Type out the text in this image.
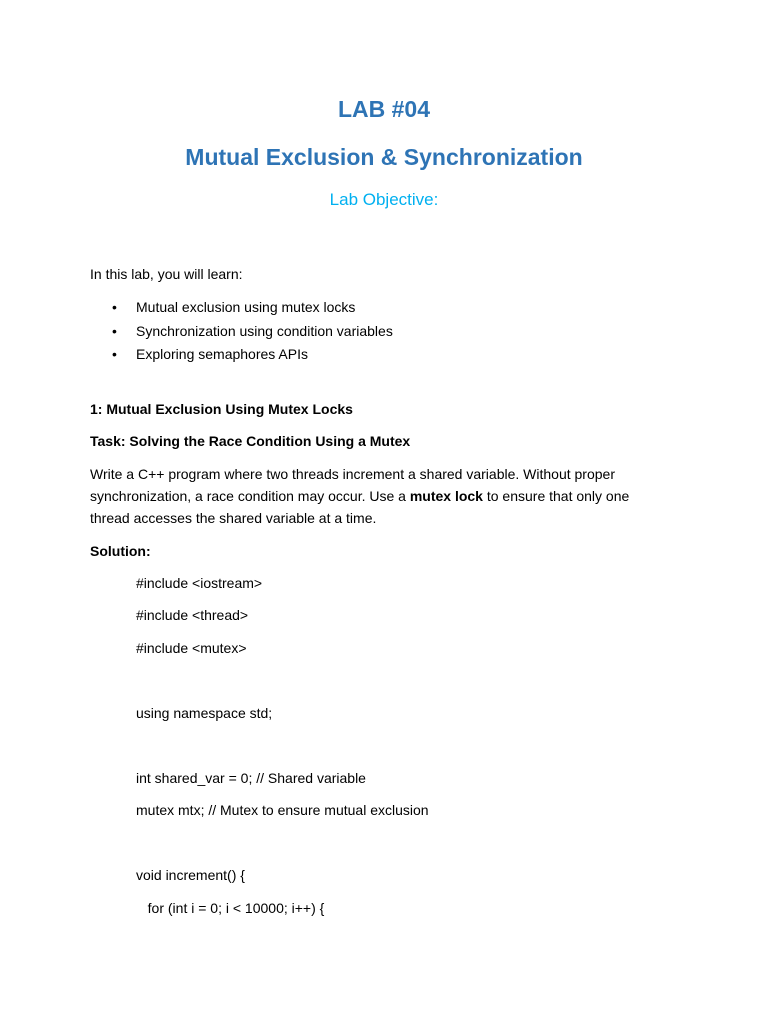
LAB #04
Mutual Exclusion & Synchronization
Lab Objective:
In this lab, you will learn:
• Mutual exclusion using mutex locks
• Synchronization using condition variables
• Exploring semaphores APIs
1: Mutual Exclusion Using Mutex Locks
Task: Solving the Race Condition Using a Mutex
Write a C++ program where two threads increment a shared variable. Without proper
synchronization, a race condition may occur. Use a mutex lock to ensure that only one
thread accesses the shared variable at a time.
Solution:
#include <iostream>
#include <thread>
#include <mutex>
using namespace std;
int shared_var = 0; // Shared variable
mutex mtx; // Mutex to ensure mutual exclusion
void increment() {
for (int i = 0; i < 10000; i++) {
